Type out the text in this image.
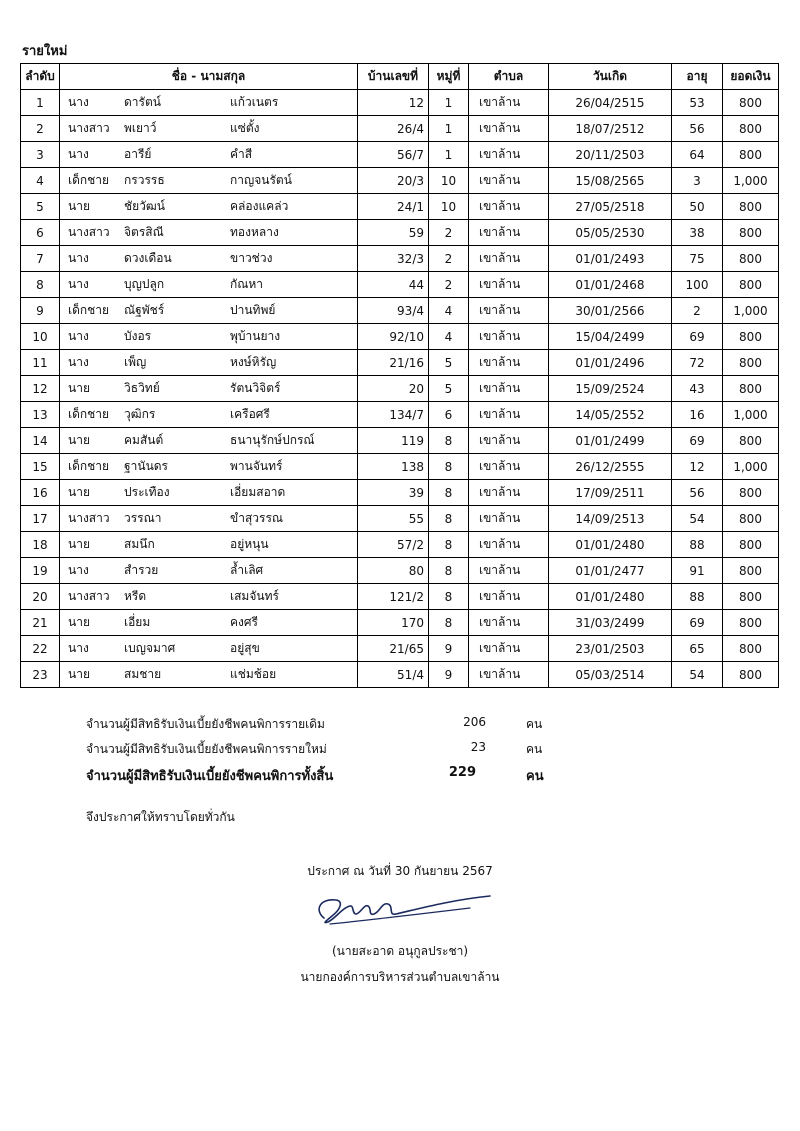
รายใหม่
ลำดับ	ชื่อ - นามสกุล	บ้านเลขที่	หมู่ที่	ตำบล	วันเกิด	อายุ	ยอดเงิน
1	นาง ดารัตน์ แก้วเนตร	12	1	เขาล้าน	26/04/2515	53	800
2	นางสาว พเยาว์ แซ่ตั้ง	26/4	1	เขาล้าน	18/07/2512	56	800
3	นาง อารีย์ คำสี	56/7	1	เขาล้าน	20/11/2503	64	800
4	เด็กชาย กรวรรธ กาญจนรัตน์	20/3	10	เขาล้าน	15/08/2565	3	1,000
5	นาย ชัยวัฒน์ คล่องแคล่ว	24/1	10	เขาล้าน	27/05/2518	50	800
6	นางสาว จิตรสิณี ทองหลาง	59	2	เขาล้าน	05/05/2530	38	800
7	นาง ดวงเดือน ขาวช่วง	32/3	2	เขาล้าน	01/01/2493	75	800
8	นาง บุญปลูก กัณหา	44	2	เขาล้าน	01/01/2468	100	800
9	เด็กชาย ณัฐพัชร์ ปานทิพย์	93/4	4	เขาล้าน	30/01/2566	2	1,000
10	นาง บังอร พุบ้านยาง	92/10	4	เขาล้าน	15/04/2499	69	800
11	นาง เพ็ญ หงษ์หิรัญ	21/16	5	เขาล้าน	01/01/2496	72	800
12	นาย วิธวิทย์ รัตนวิจิตร์	20	5	เขาล้าน	15/09/2524	43	800
13	เด็กชาย วุฒิกร เครือศรี	134/7	6	เขาล้าน	14/05/2552	16	1,000
14	นาย คมสันต์ ธนานุรักษ์ปกรณ์	119	8	เขาล้าน	01/01/2499	69	800
15	เด็กชาย ฐานันดร พานจันทร์	138	8	เขาล้าน	26/12/2555	12	1,000
16	นาย ประเทือง เอี่ยมสอาด	39	8	เขาล้าน	17/09/2511	56	800
17	นางสาว วรรณา ขำสุวรรณ	55	8	เขาล้าน	14/09/2513	54	800
18	นาย สมนึก อยู่หนุน	57/2	8	เขาล้าน	01/01/2480	88	800
19	นาง สำรวย ล้ำเลิศ	80	8	เขาล้าน	01/01/2477	91	800
20	นางสาว หรีด เสมจันทร์	121/2	8	เขาล้าน	01/01/2480	88	800
21	นาย เอี่ยม คงศรี	170	8	เขาล้าน	31/03/2499	69	800
22	นาง เบญจมาศ อยู่สุข	21/65	9	เขาล้าน	23/01/2503	65	800
23	นาย สมชาย แช่มช้อย	51/4	9	เขาล้าน	05/03/2514	54	800
จำนวนผู้มีสิทธิรับเงินเบี้ยยังชีพคนพิการรายเดิม	206	คน
จำนวนผู้มีสิทธิรับเงินเบี้ยยังชีพคนพิการรายใหม่	23	คน
จำนวนผู้มีสิทธิรับเงินเบี้ยยังชีพคนพิการทั้งสิ้น	229	คน
จึงประกาศให้ทราบโดยทั่วกัน
ประกาศ ณ วันที่ 30 กันยายน 2567
(นายสะอาด อนุกูลประชา)
นายกองค์การบริหารส่วนตำบลเขาล้าน
